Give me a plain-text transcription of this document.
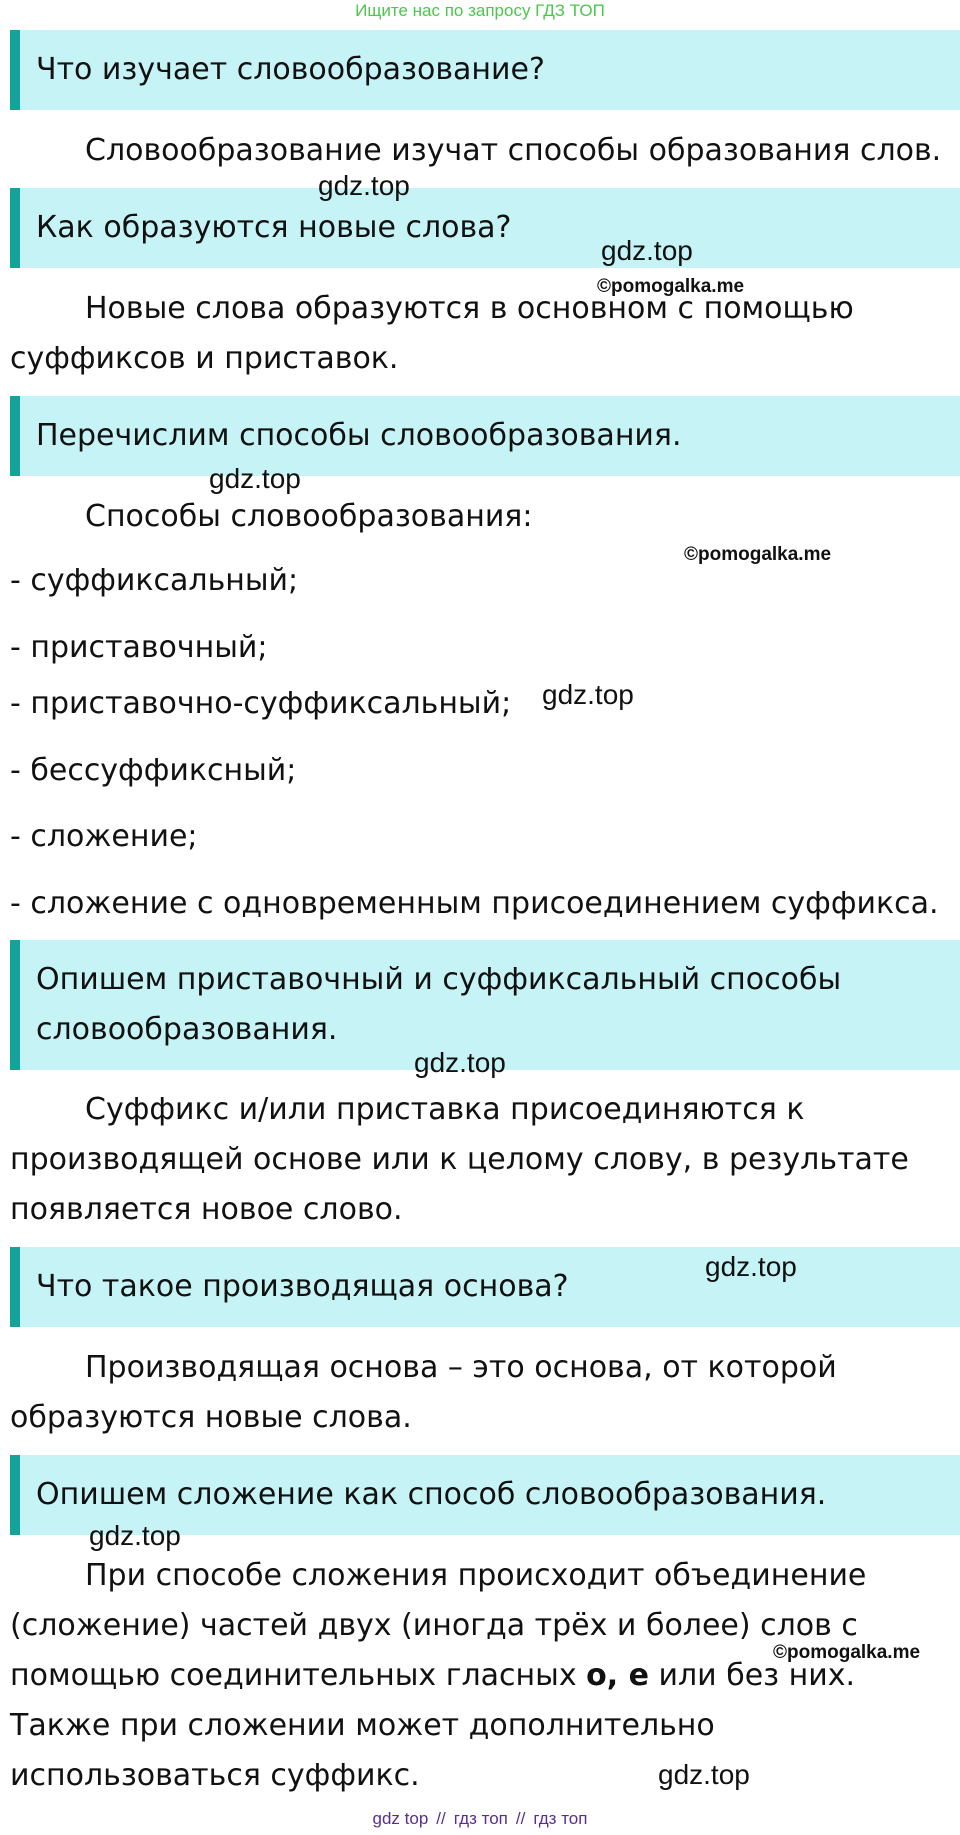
Ищите нас по запросу ГДЗ ТОП
Что изучает словообразование?
Словообразование изучат способы образования слов.
Как образуются новые слова?
Новые слова образуются в основном с помощью суффиксов и приставок.
Перечислим способы словообразования.
Способы словообразования:
- суффиксальный;
- приставочный;
- приставочно-суффиксальный;
- бессуффиксный;
- сложение;
- сложение с одновременным присоединением суффикса.
Опишем приставочный и суффиксальный способы словообразования.
Суффикс и/или приставка присоединяются к производящей основе или к целому слову, в результате появляется новое слово.
Что такое производящая основа?
Производящая основа – это основа, от которой образуются новые слова.
Опишем сложение как способ словообразования.
При способе сложения происходит объединение (сложение) частей двух (иногда трёх и более) слов с помощью соединительных гласных о, е или без них. Также при сложении может дополнительно использоваться суффикс.
gdz.top
gdz.top
©pomogalka.me
gdz.top
©pomogalka.me
gdz.top
gdz.top
gdz.top
gdz.top
©pomogalka.me
gdz.top
gdz top // гдз топ // гдз топ
